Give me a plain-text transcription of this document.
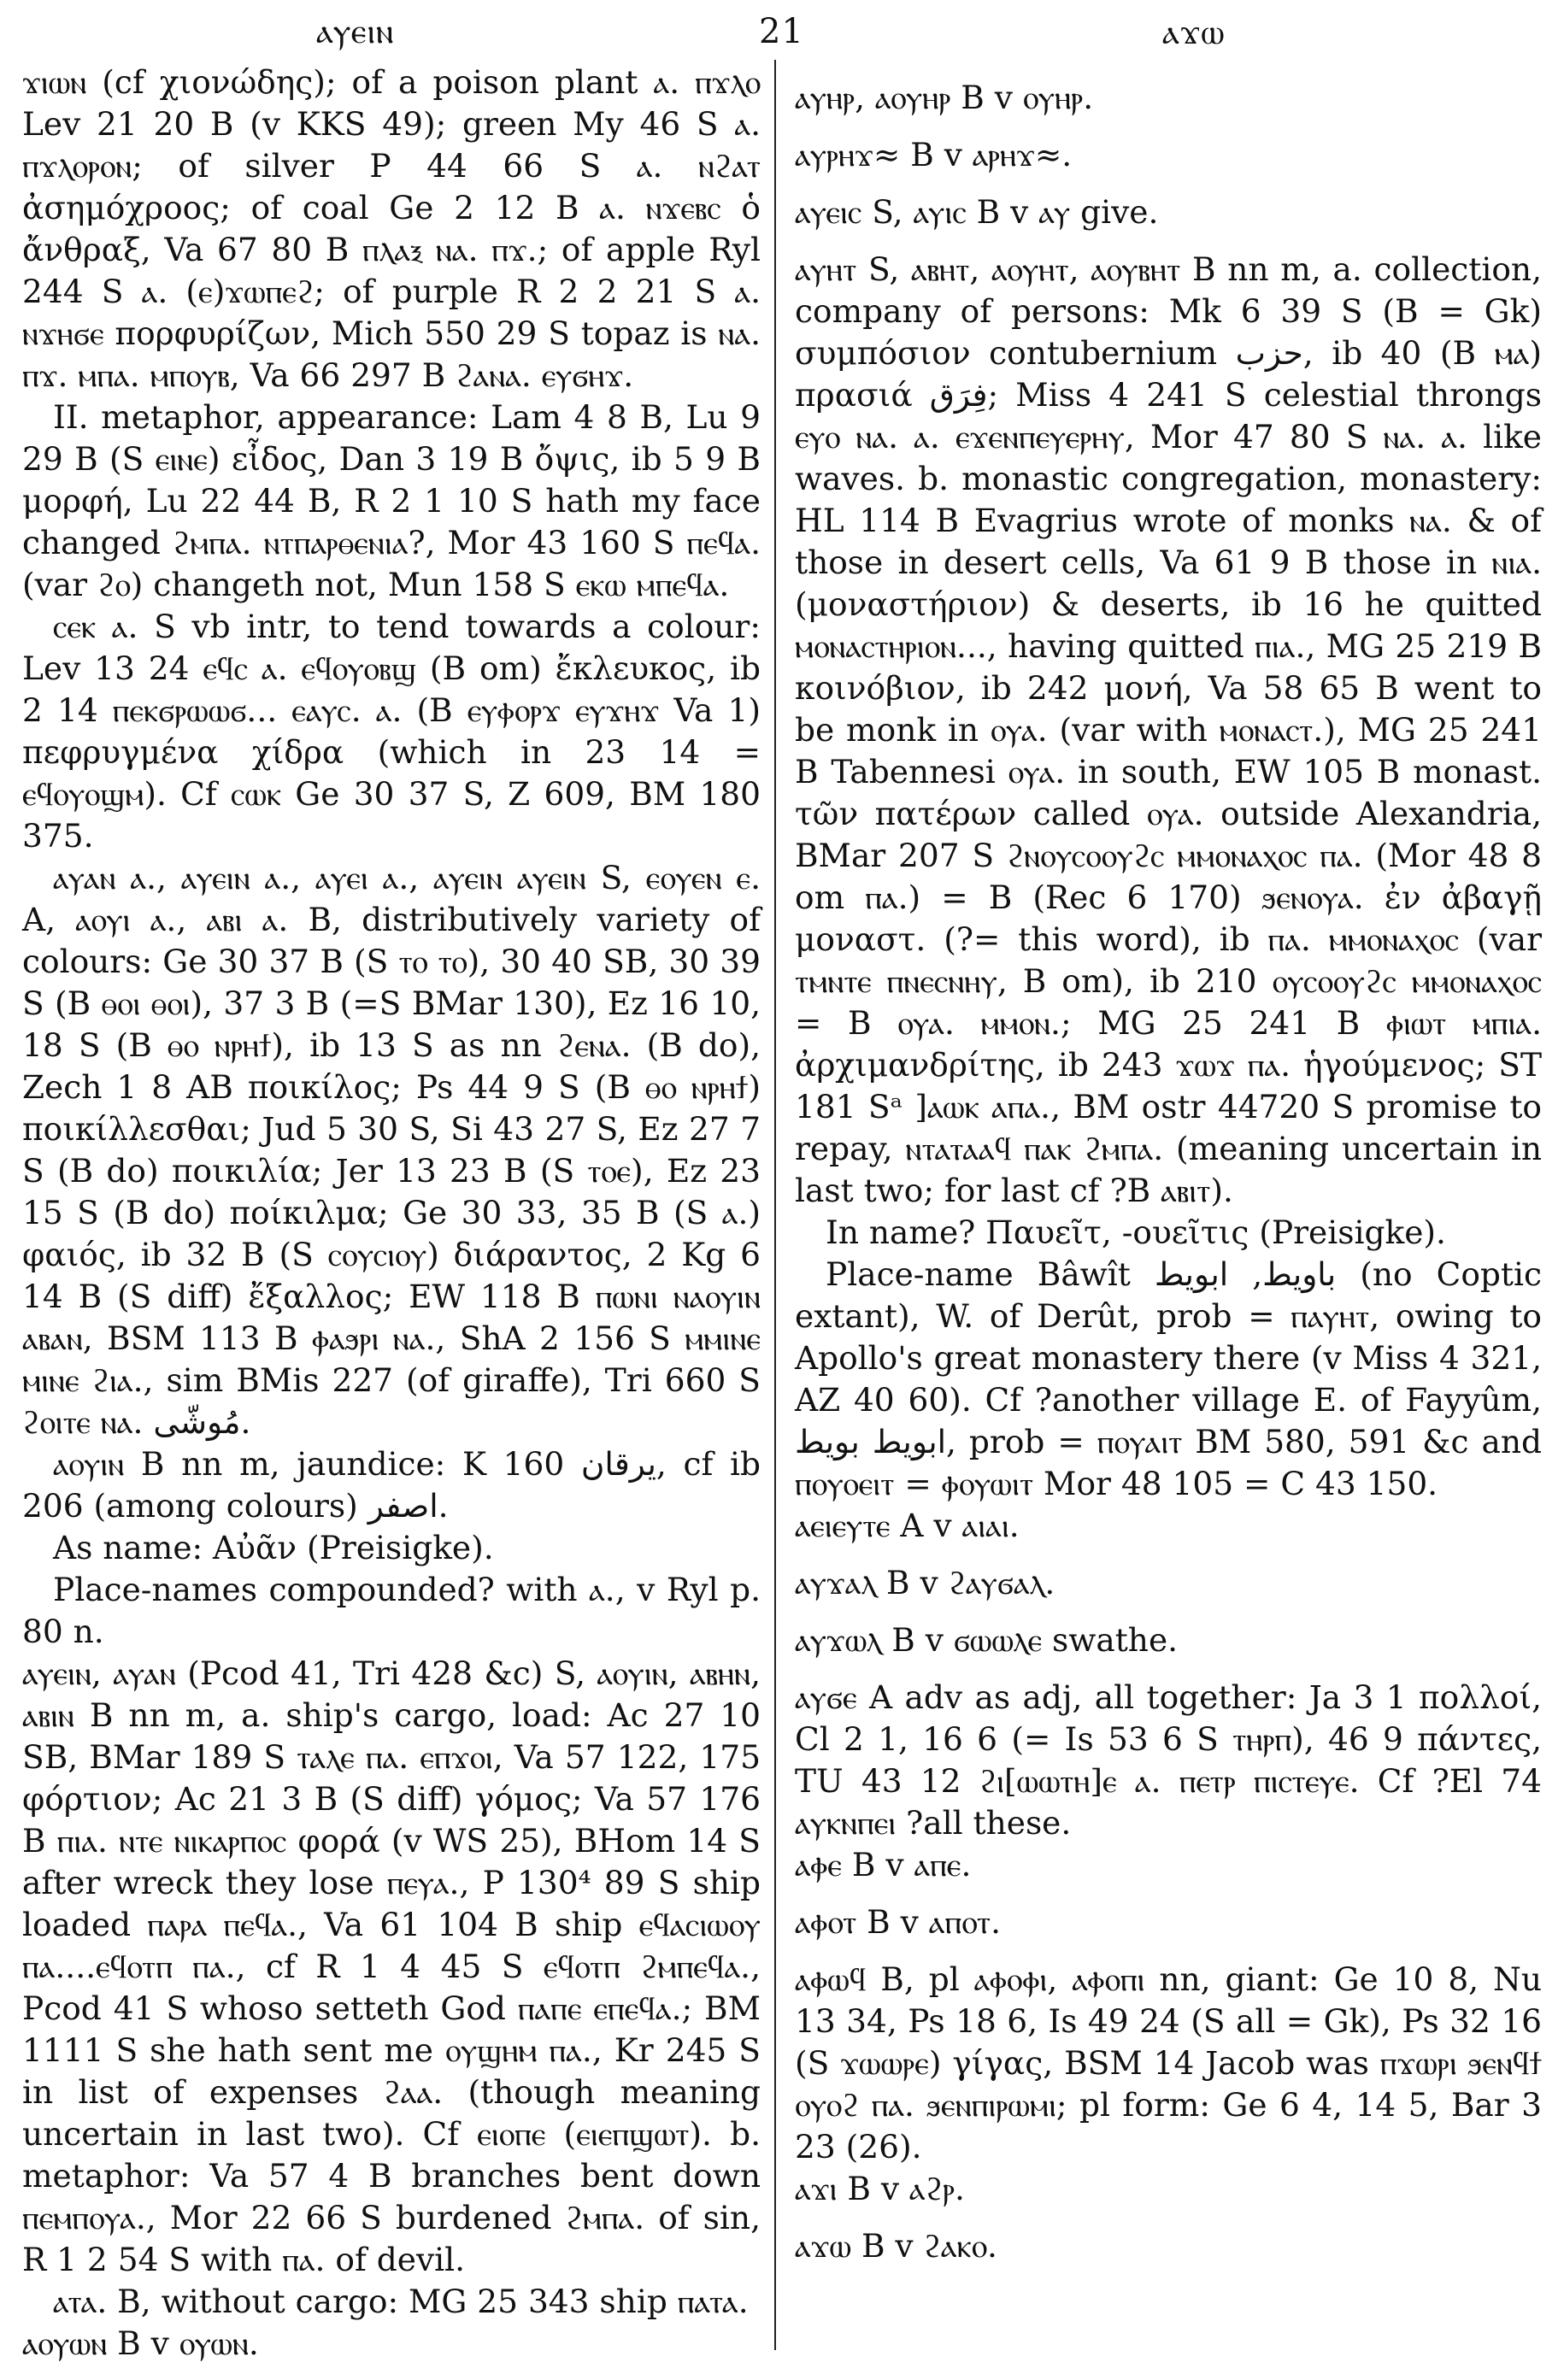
ⲁⲩⲉⲓⲛ	21	ⲁϫⲱ

ϫⲓⲱⲛ (cf χιονώδης); of a poison plant ⲁ. ⲡϫⲗⲟ Lev 21 20 B (v KKS 49); green My 46 S ⲁ. ⲡϫⲗⲟⲣⲟⲛ; of silver P 44 66 S ⲁ. ⲛϩⲁⲧ ἀσημόχροος; of coal Ge 2 12 B ⲁ. ⲛϫⲉⲃⲥ ὁ ἄνθραξ, Va 67 80 B ⲡⲗⲁⲝ ⲛⲁ. ⲡϫ.; of apple Ryl 244 S ⲁ. (ⲉ)ϫⲱⲡⲉϩ; of purple R 2 2 21 S ⲁ. ⲛϫⲏϭⲉ πορφυρίζων, Mich 550 29 S topaz is ⲛⲁ. ⲡϫ. ⲙⲡⲁ. ⲙⲡⲟⲩⲃ, Va 66 297 B ϩⲁⲛⲁ. ⲉⲩϭⲏϫ.

II. metaphor, appearance: Lam 4 8 B, Lu 9 29 B (S ⲉⲓⲛⲉ) εἶδος, Dan 3 19 B ὄψις, ib 5 9 B μορφή, Lu 22 44 B, R 2 1 10 S hath my face changed ϩⲙⲡⲁ. ⲛⲧⲡⲁⲣⲑⲉⲛⲓⲁ?, Mor 43 160 S ⲡⲉϥⲁ. (var ϩⲟ) changeth not, Mun 158 S ⲉⲕⲱ ⲙⲡⲉϥⲁ.

ⲥⲉⲕ ⲁ. S vb intr, to tend towards a colour: Lev 13 24 ⲉϥⲥ ⲁ. ⲉϥⲟⲩⲟⲃϣ (B om) ἔκλευκος, ib 2 14 ⲡⲉⲕϭⲣⲱⲱϭ... ⲉⲁⲩⲥ. ⲁ. (B ⲉⲩⲫⲟⲣϫ ⲉⲩϫⲏϫ Va 1) πεφρυγμένα χίδρα (which in 23 14 = ⲉϥⲟⲩⲟϣⲙ). Cf ⲥⲱⲕ Ge 30 37 S, Z 609, BM 180 375.

ⲁⲩⲁⲛ ⲁ., ⲁⲩⲉⲓⲛ ⲁ., ⲁⲩⲉⲓ ⲁ., ⲁⲩⲉⲓⲛ ⲁⲩⲉⲓⲛ S, ⲉⲟⲩⲉⲛ ⲉ. A, ⲁⲟⲩⲓ ⲁ., ⲁⲃⲓ ⲁ. B, distributively variety of colours: Ge 30 37 B (S ⲧⲟ ⲧⲟ), 30 40 SB, 30 39 S (B ⲑⲟⲓ ⲑⲟⲓ), 37 3 B (=S BMar 130), Ez 16 10, 18 S (B ⲑⲟ ⲛⲣⲏϯ), ib 13 S as nn ϩⲉⲛⲁ. (B do), Zech 1 8 AB ποικίλος; Ps 44 9 S (B ⲑⲟ ⲛⲣⲏϯ) ποικίλλεσθαι; Jud 5 30 S, Si 43 27 S, Ez 27 7 S (B do) ποικιλία; Jer 13 23 B (S ⲧⲟⲉ), Ez 23 15 S (B do) ποίκιλμα; Ge 30 33, 35 B (S ⲁ.) φαιός, ib 32 B (S ⲥⲟⲩⲥⲓⲟⲩ) διάραντος, 2 Kg 6 14 B (S diff) ἔξαλλος; EW 118 B ⲡⲱⲛⲓ ⲛⲁⲟⲩⲓⲛ ⲁⲃⲁⲛ, BSM 113 B ⲫⲁϧⲣⲓ ⲛⲁ., ShA 2 156 S ⲙⲙⲓⲛⲉ ⲙⲓⲛⲉ ϩⲓⲁ., sim BMis 227 (of giraffe), Tri 660 S ϩⲟⲓⲧⲉ ⲛⲁ. مُوشّى.

ⲁⲟⲩⲓⲛ B nn m, jaundice: K 160 يرقان, cf ib 206 (among colours) اصفر.

As name: Αὐᾶν (Preisigke).

Place-names compounded? with ⲁ., v Ryl p. 80 n.

ⲁⲩⲉⲓⲛ, ⲁⲩⲁⲛ (Pcod 41, Tri 428 &c) S, ⲁⲟⲩⲓⲛ, ⲁⲃⲏⲛ, ⲁⲃⲓⲛ B nn m, a. ship's cargo, load: Ac 27 10 SB, BMar 189 S ⲧⲁⲗⲉ ⲡⲁ. ⲉⲡϫⲟⲓ, Va 57 122, 175 φόρτιον; Ac 21 3 B (S diff) γόμος; Va 57 176 B ⲡⲓⲁ. ⲛⲧⲉ ⲛⲓⲕⲁⲣⲡⲟⲥ φορά (v WS 25), BHom 14 S after wreck they lose ⲡⲉⲩⲁ., P 130⁴ 89 S ship loaded ⲡⲁⲣⲁ ⲡⲉϥⲁ., Va 61 104 B ship ⲉϥⲁⲥⲓⲱⲟⲩ ⲡⲁ....ⲉϥⲟⲧⲡ ⲡⲁ., cf R 1 4 45 S ⲉϥⲟⲧⲡ ϩⲙⲡⲉϥⲁ., Pcod 41 S whoso setteth God ⲡⲁⲡⲉ ⲉⲡⲉϥⲁ.; BM 1111 S she hath sent me ⲟⲩϣⲏⲙ ⲡⲁ., Kr 245 S in list of expenses ϩⲁⲁ. (though meaning uncertain in last two). Cf ⲉⲓⲟⲡⲉ (ⲉⲓⲉⲡϣⲱⲧ). b. metaphor: Va 57 4 B branches bent down ⲡⲉⲙⲡⲟⲩⲁ., Mor 22 66 S burdened ϩⲙⲡⲁ. of sin, R 1 2 54 S with ⲡⲁ. of devil.

ⲁⲧⲁ. B, without cargo: MG 25 343 ship ⲡⲁⲧⲁ.

ⲁⲟⲩⲱⲛ B v ⲟⲩⲱⲛ.

ⲁⲩⲏⲣ, ⲁⲟⲩⲏⲣ B v ⲟⲩⲏⲣ.

ⲁⲩⲣⲏϫ≈ B v ⲁⲣⲏϫ≈.

ⲁⲩⲉⲓⲥ S, ⲁⲩⲓⲥ B v ⲁⲩ give.

ⲁⲩⲏⲧ S, ⲁⲃⲏⲧ, ⲁⲟⲩⲏⲧ, ⲁⲟⲩⲃⲏⲧ B nn m, a. collection, company of persons: Mk 6 39 S (B = Gk) συμπόσιον contubernium حزب, ib 40 (B ⲙⲁ) πρασιά فِرَق; Miss 4 241 S celestial throngs ⲉⲩⲟ ⲛⲁ. ⲁ. ⲉϫⲉⲛⲡⲉⲩⲉⲣⲏⲩ, Mor 47 80 S ⲛⲁ. ⲁ. like waves. b. monastic congregation, monastery: HL 114 B Evagrius wrote of monks ⲛⲁ. & of those in desert cells, Va 61 9 B those in ⲛⲓⲁ. (μοναστήριον) & deserts, ib 16 he quitted ⲙⲟⲛⲁⲥⲧⲏⲣⲓⲟⲛ..., having quitted ⲡⲓⲁ., MG 25 219 B κοινόβιον, ib 242 μονή, Va 58 65 B went to be monk in ⲟⲩⲁ. (var with ⲙⲟⲛⲁⲥⲧ.), MG 25 241 B Tabennesi ⲟⲩⲁ. in south, EW 105 B monast. τῶν πατέρων called ⲟⲩⲁ. outside Alexandria, BMar 207 S ϩⲛⲟⲩⲥⲟⲟⲩϩⲥ ⲙⲙⲟⲛⲁⲭⲟⲥ ⲡⲁ. (Mor 48 8 om ⲡⲁ.) = B (Rec 6 170) ϧⲉⲛⲟⲩⲁ. ἐν ἀβαγῇ μοναστ. (?= this word), ib ⲡⲁ. ⲙⲙⲟⲛⲁⲭⲟⲥ (var ⲧⲙⲛⲧⲉ ⲡⲛⲉⲥⲛⲏⲩ, B om), ib 210 ⲟⲩⲥⲟⲟⲩϩⲥ ⲙⲙⲟⲛⲁⲭⲟⲥ = B ⲟⲩⲁ. ⲙⲙⲟⲛ.; MG 25 241 B ⲫⲓⲱⲧ ⲙⲡⲓⲁ. ἀρχιμανδρίτης, ib 243 ϫⲱϫ ⲡⲁ. ἡγούμενος; ST 181 Sᵃ ]ⲁⲱⲕ ⲁⲡⲁ., BM ostr 44720 S promise to repay, ⲛⲧⲁⲧⲁⲁϥ ⲡⲁⲕ ϩⲙⲡⲁ. (meaning uncertain in last two; for last cf ?B ⲁⲃⲓⲧ).

In name? Παυεῖτ, -ουεῖτις (Preisigke).

Place-name Bâwît باويط, ابويط (no Coptic extant), W. of Derût, prob = ⲡⲁⲩⲏⲧ, owing to Apollo's great monastery there (v Miss 4 321, AZ 40 60). Cf ?another village E. of Fayyûm, ابويط بويط, prob = ⲡⲟⲩⲁⲓⲧ BM 580, 591 &c and ⲡⲟⲩⲟⲉⲓⲧ = ⲫⲟⲩⲱⲓⲧ Mor 48 105 = C 43 150.

ⲁⲉⲓⲉⲩⲧⲉ A v ⲁⲓⲁⲓ.

ⲁⲩϫⲁⲗ B v ϩⲁⲩϭⲁⲗ.

ⲁⲩϫⲱⲗ B v ϭⲱⲱⲗⲉ swathe.

ⲁⲩϭⲉ A adv as adj, all together: Ja 3 1 πολλοί, Cl 2 1, 16 6 (= Is 53 6 S ⲧⲏⲣⲡ), 46 9 πάντες, TU 43 12 ϩⲓ[ⲱⲱⲧⲏ]ⲉ ⲁ. ⲡⲉⲧⲣ ⲡⲓⲥⲧⲉⲩⲉ. Cf ?El 74 ⲁⲩⲕⲛⲡⲉⲓ ?all these.

ⲁⲫⲉ B v ⲁⲡⲉ.

ⲁⲫⲟⲧ B v ⲁⲡⲟⲧ.

ⲁⲫⲱϥ B, pl ⲁⲫⲟⲫⲓ, ⲁⲫⲟⲡⲓ nn, giant: Ge 10 8, Nu 13 34, Ps 18 6, Is 49 24 (S all = Gk), Ps 32 16 (S ϫⲱⲱⲣⲉ) γίγας, BSM 14 Jacob was ⲡϫⲱⲣⲓ ϧⲉⲛϥϯ ⲟⲩⲟϩ ⲡⲁ. ϧⲉⲛⲡⲓⲣⲱⲙⲓ; pl form: Ge 6 4, 14 5, Bar 3 23 (26).

ⲁϫⲓ B v ⲁϩⲣ.

ⲁϫⲱ B v ϩⲁⲕⲟ.
